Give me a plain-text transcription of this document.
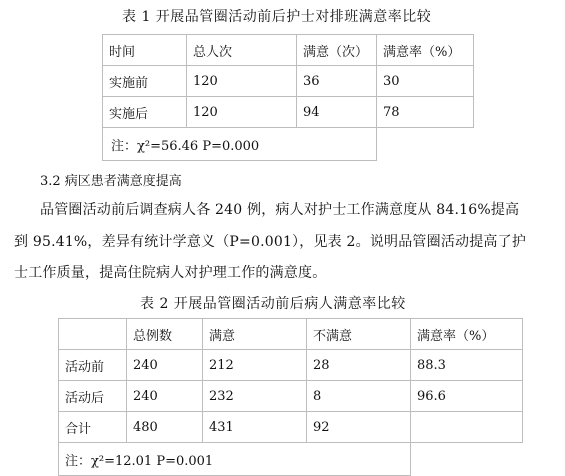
表 1 开展品管圈活动前后护士对排班满意率比较
时间	总人次	满意（次）	满意率（%）
实施前	120	36	30
实施后	120	94	78
注：χ²=56.46 P=0.000			
3.2 病区患者满意度提高
品管圈活动前后调查病人各 240 例，病人对护士工作满意度从 84.16%提高
到 95.41%，差异有统计学意义（P=0.001），见表 2。说明品管圈活动提高了护
士工作质量，提高住院病人对护理工作的满意度。
表 2 开展品管圈活动前后病人满意率比较
	总例数	满意	不满意	满意率（%）
活动前	240	212	28	88.3
活动后	240	232	8	96.6
合计	480	431	92	
注：χ²=12.01 P=0.001				
